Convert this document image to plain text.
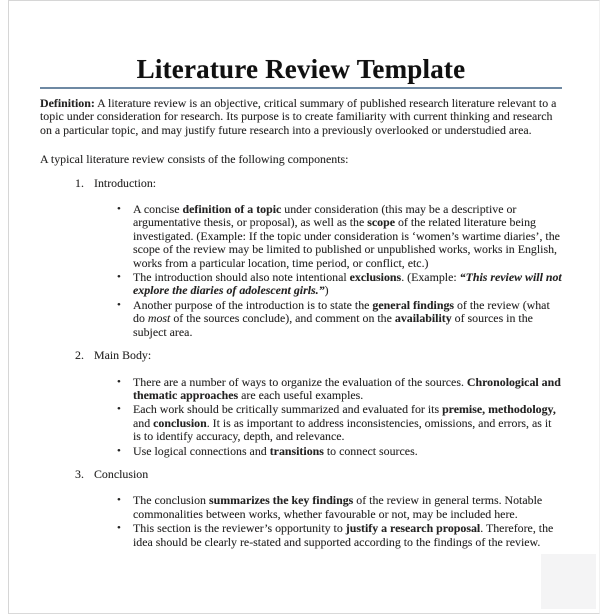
Literature Review Template

Definition: A literature review is an objective, critical summary of published research literature relevant to a topic under consideration for research. Its purpose is to create familiarity with current thinking and research on a particular topic, and may justify future research into a previously overlooked or understudied area.

A typical literature review consists of the following components:

1. Introduction:
•	A concise definition of a topic under consideration (this may be a descriptive or argumentative thesis, or proposal), as well as the scope of the related literature being investigated. (Example: If the topic under consideration is ‘women’s wartime diaries’, the scope of the review may be limited to published or unpublished works, works in English, works from a particular location, time period, or conflict, etc.)
•	The introduction should also note intentional exclusions. (Example: “This review will not explore the diaries of adolescent girls.”)
•	Another purpose of the introduction is to state the general findings of the review (what do most of the sources conclude), and comment on the availability of sources in the subject area.
2. Main Body:
•	There are a number of ways to organize the evaluation of the sources. Chronological and thematic approaches are each useful examples.
•	Each work should be critically summarized and evaluated for its premise, methodology, and conclusion. It is as important to address inconsistencies, omissions, and errors, as it is to identify accuracy, depth, and relevance.
•	Use logical connections and transitions to connect sources.
3. Conclusion
•	The conclusion summarizes the key findings of the review in general terms. Notable commonalities between works, whether favourable or not, may be included here.
•	This section is the reviewer’s opportunity to justify a research proposal. Therefore, the idea should be clearly re-stated and supported according to the findings of the review.
